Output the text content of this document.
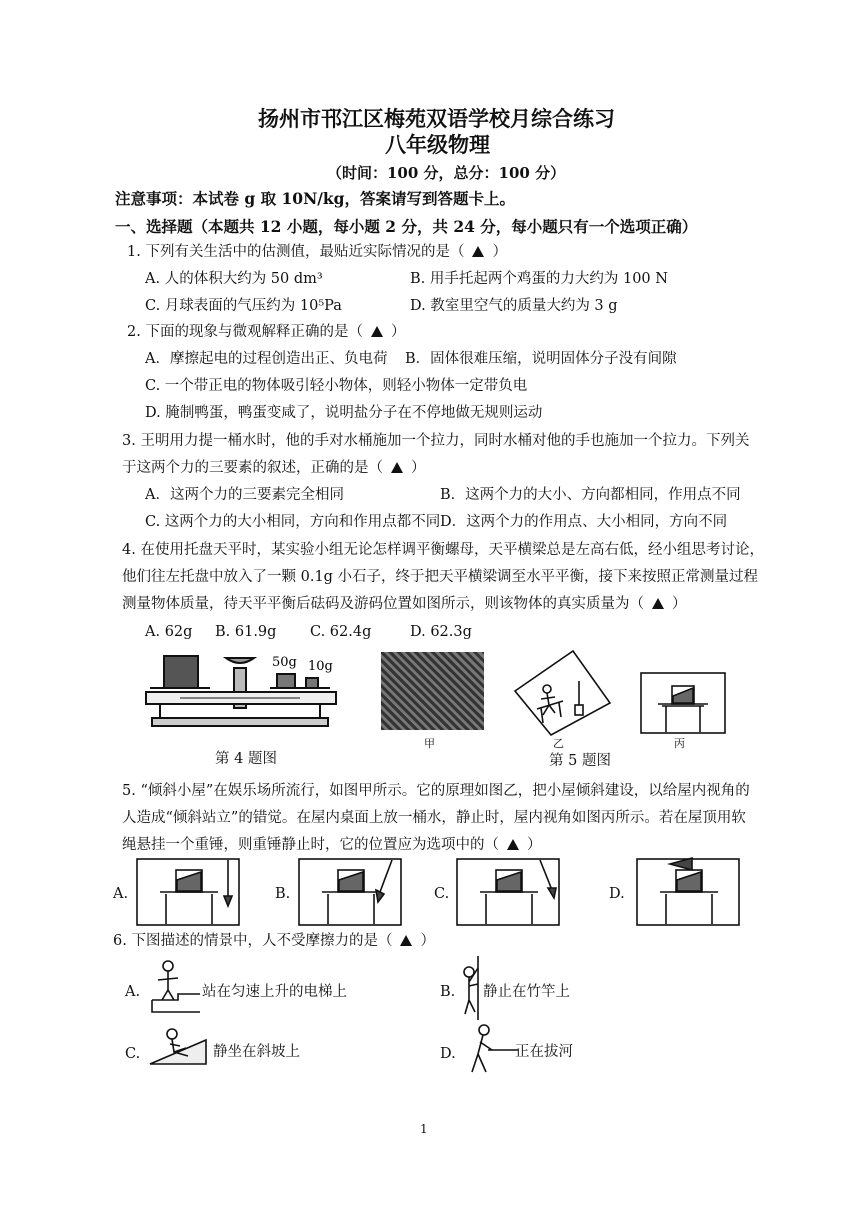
扬州市邗江区梅苑双语学校月综合练习
八年级物理
（时间：100 分，总分：100 分）
注意事项：本试卷 g 取 10N/kg，答案请写到答题卡上。
一、选择题（本题共 12 小题，每小题 2 分，共 24 分，每小题只有一个选项正确）
1. 下列有关生活中的估测值，最贴近实际情况的是（ ）
A. 人的体积大约为 50 dm³	B. 用手托起两个鸡蛋的力大约为 100 N
C. 月球表面的气压约为 10⁵Pa	D. 教室里空气的质量大约为 3 g
2. 下面的现象与微观解释正确的是（ ）
A．摩擦起电的过程创造出正、负电荷 B．固体很难压缩，说明固体分子没有间隙
C. 一个带正电的物体吸引轻小物体，则轻小物体一定带负电
D. 腌制鸭蛋，鸭蛋变咸了，说明盐分子在不停地做无规则运动
3. 王明用力提一桶水时，他的手对水桶施加一个拉力，同时水桶对他的手也施加一个拉力。下列关
于这两个力的三要素的叙述，正确的是（ ）
A．这两个力的三要素完全相同	B．这两个力的大小、方向都相同，作用点不同
C. 这两个力的大小相同，方向和作用点都不同 D．这两个力的作用点、大小相同，方向不同
4. 在使用托盘天平时，某实验小组无论怎样调平衡螺母，天平横梁总是左高右低，经小组思考讨论，
他们往左托盘中放入了一颗 0.1g 小石子，终于把天平横梁调至水平平衡，接下来按照正常测量过程
测量物体质量，待天平平衡后砝码及游码位置如图所示，则该物体的真实质量为（ ）
A. 62g B. 61.9g C. 62.4g	D. 62.3g
50g 10g
第 4 题图
甲	乙	丙
第 5 题图
5. “倾斜小屋”在娱乐场所流行，如图甲所示。它的原理如图乙，把小屋倾斜建设，以给屋内视角的
人造成“倾斜站立”的错觉。在屋内桌面上放一桶水，静止时，屋内视角如图丙所示。若在屋顶用软
绳悬挂一个重锤，则重锤静止时，它的位置应为选项中的（ ）
A.	B.	C.	D.
6. 下图描述的情景中，人不受摩擦力的是（ ）
A.	站在匀速上升的电梯上	B. 静止在竹竿上
C.	静坐在斜坡上	D.	正在拔河
1
